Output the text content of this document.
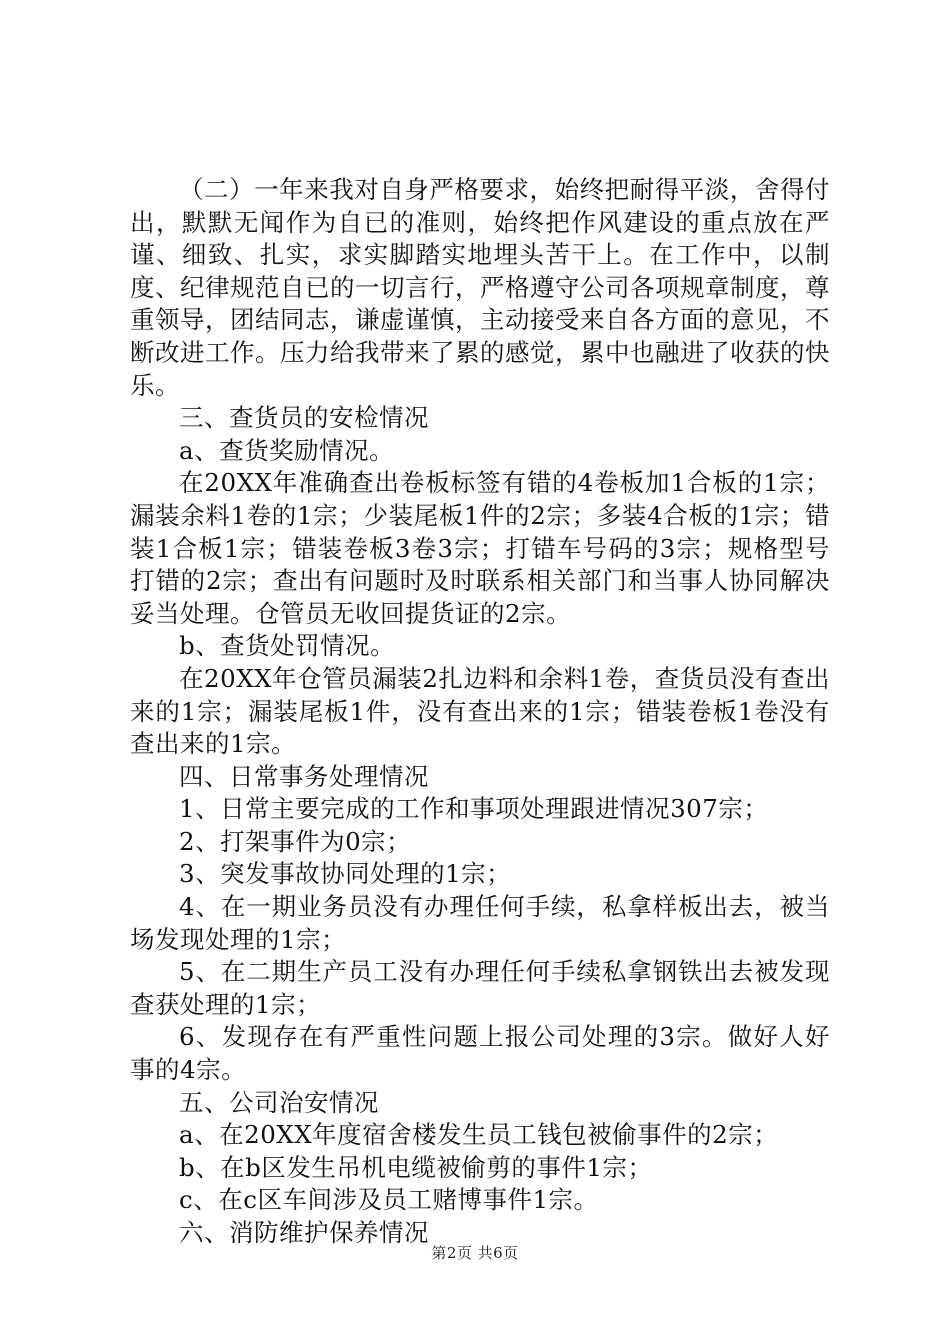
（二）一年来我对自身严格要求，始终把耐得平淡，舍得付出，默默无闻作为自已的准则，始终把作风建设的重点放在严谨、细致、扎实，求实脚踏实地埋头苦干上。在工作中，以制度、纪律规范自已的一切言行，严格遵守公司各项规章制度，尊重领导，团结同志，谦虚谨慎，主动接受来自各方面的意见，不断改进工作。压力给我带来了累的感觉，累中也融进了收获的快乐。

三、查货员的安检情况

a、查货奖励情况。

在20XX年准确查出卷板标签有错的4卷板加1合板的1宗；漏装余料1卷的1宗；少装尾板1件的2宗；多装4合板的1宗；错装1合板1宗；错装卷板3卷3宗；打错车号码的3宗；规格型号打错的2宗；查出有问题时及时联系相关部门和当事人协同解决妥当处理。仓管员无收回提货证的2宗。

b、查货处罚情况。

在20XX年仓管员漏装2扎边料和余料1卷，查货员没有查出来的1宗；漏装尾板1件，没有查出来的1宗；错装卷板1卷没有查出来的1宗。

四、日常事务处理情况

1、日常主要完成的工作和事项处理跟进情况307宗；

2、打架事件为0宗；

3、突发事故协同处理的1宗；

4、在一期业务员没有办理任何手续，私拿样板出去，被当场发现处理的1宗；

5、在二期生产员工没有办理任何手续私拿钢铁出去被发现查获处理的1宗；

6、发现存在有严重性问题上报公司处理的3宗。做好人好事的4宗。

五、公司治安情况

a、在20XX年度宿舍楼发生员工钱包被偷事件的2宗；

b、在b区发生吊机电缆被偷剪的事件1宗；

c、在c区车间涉及员工赌博事件1宗。

六、消防维护保养情况

第2页 共6页
